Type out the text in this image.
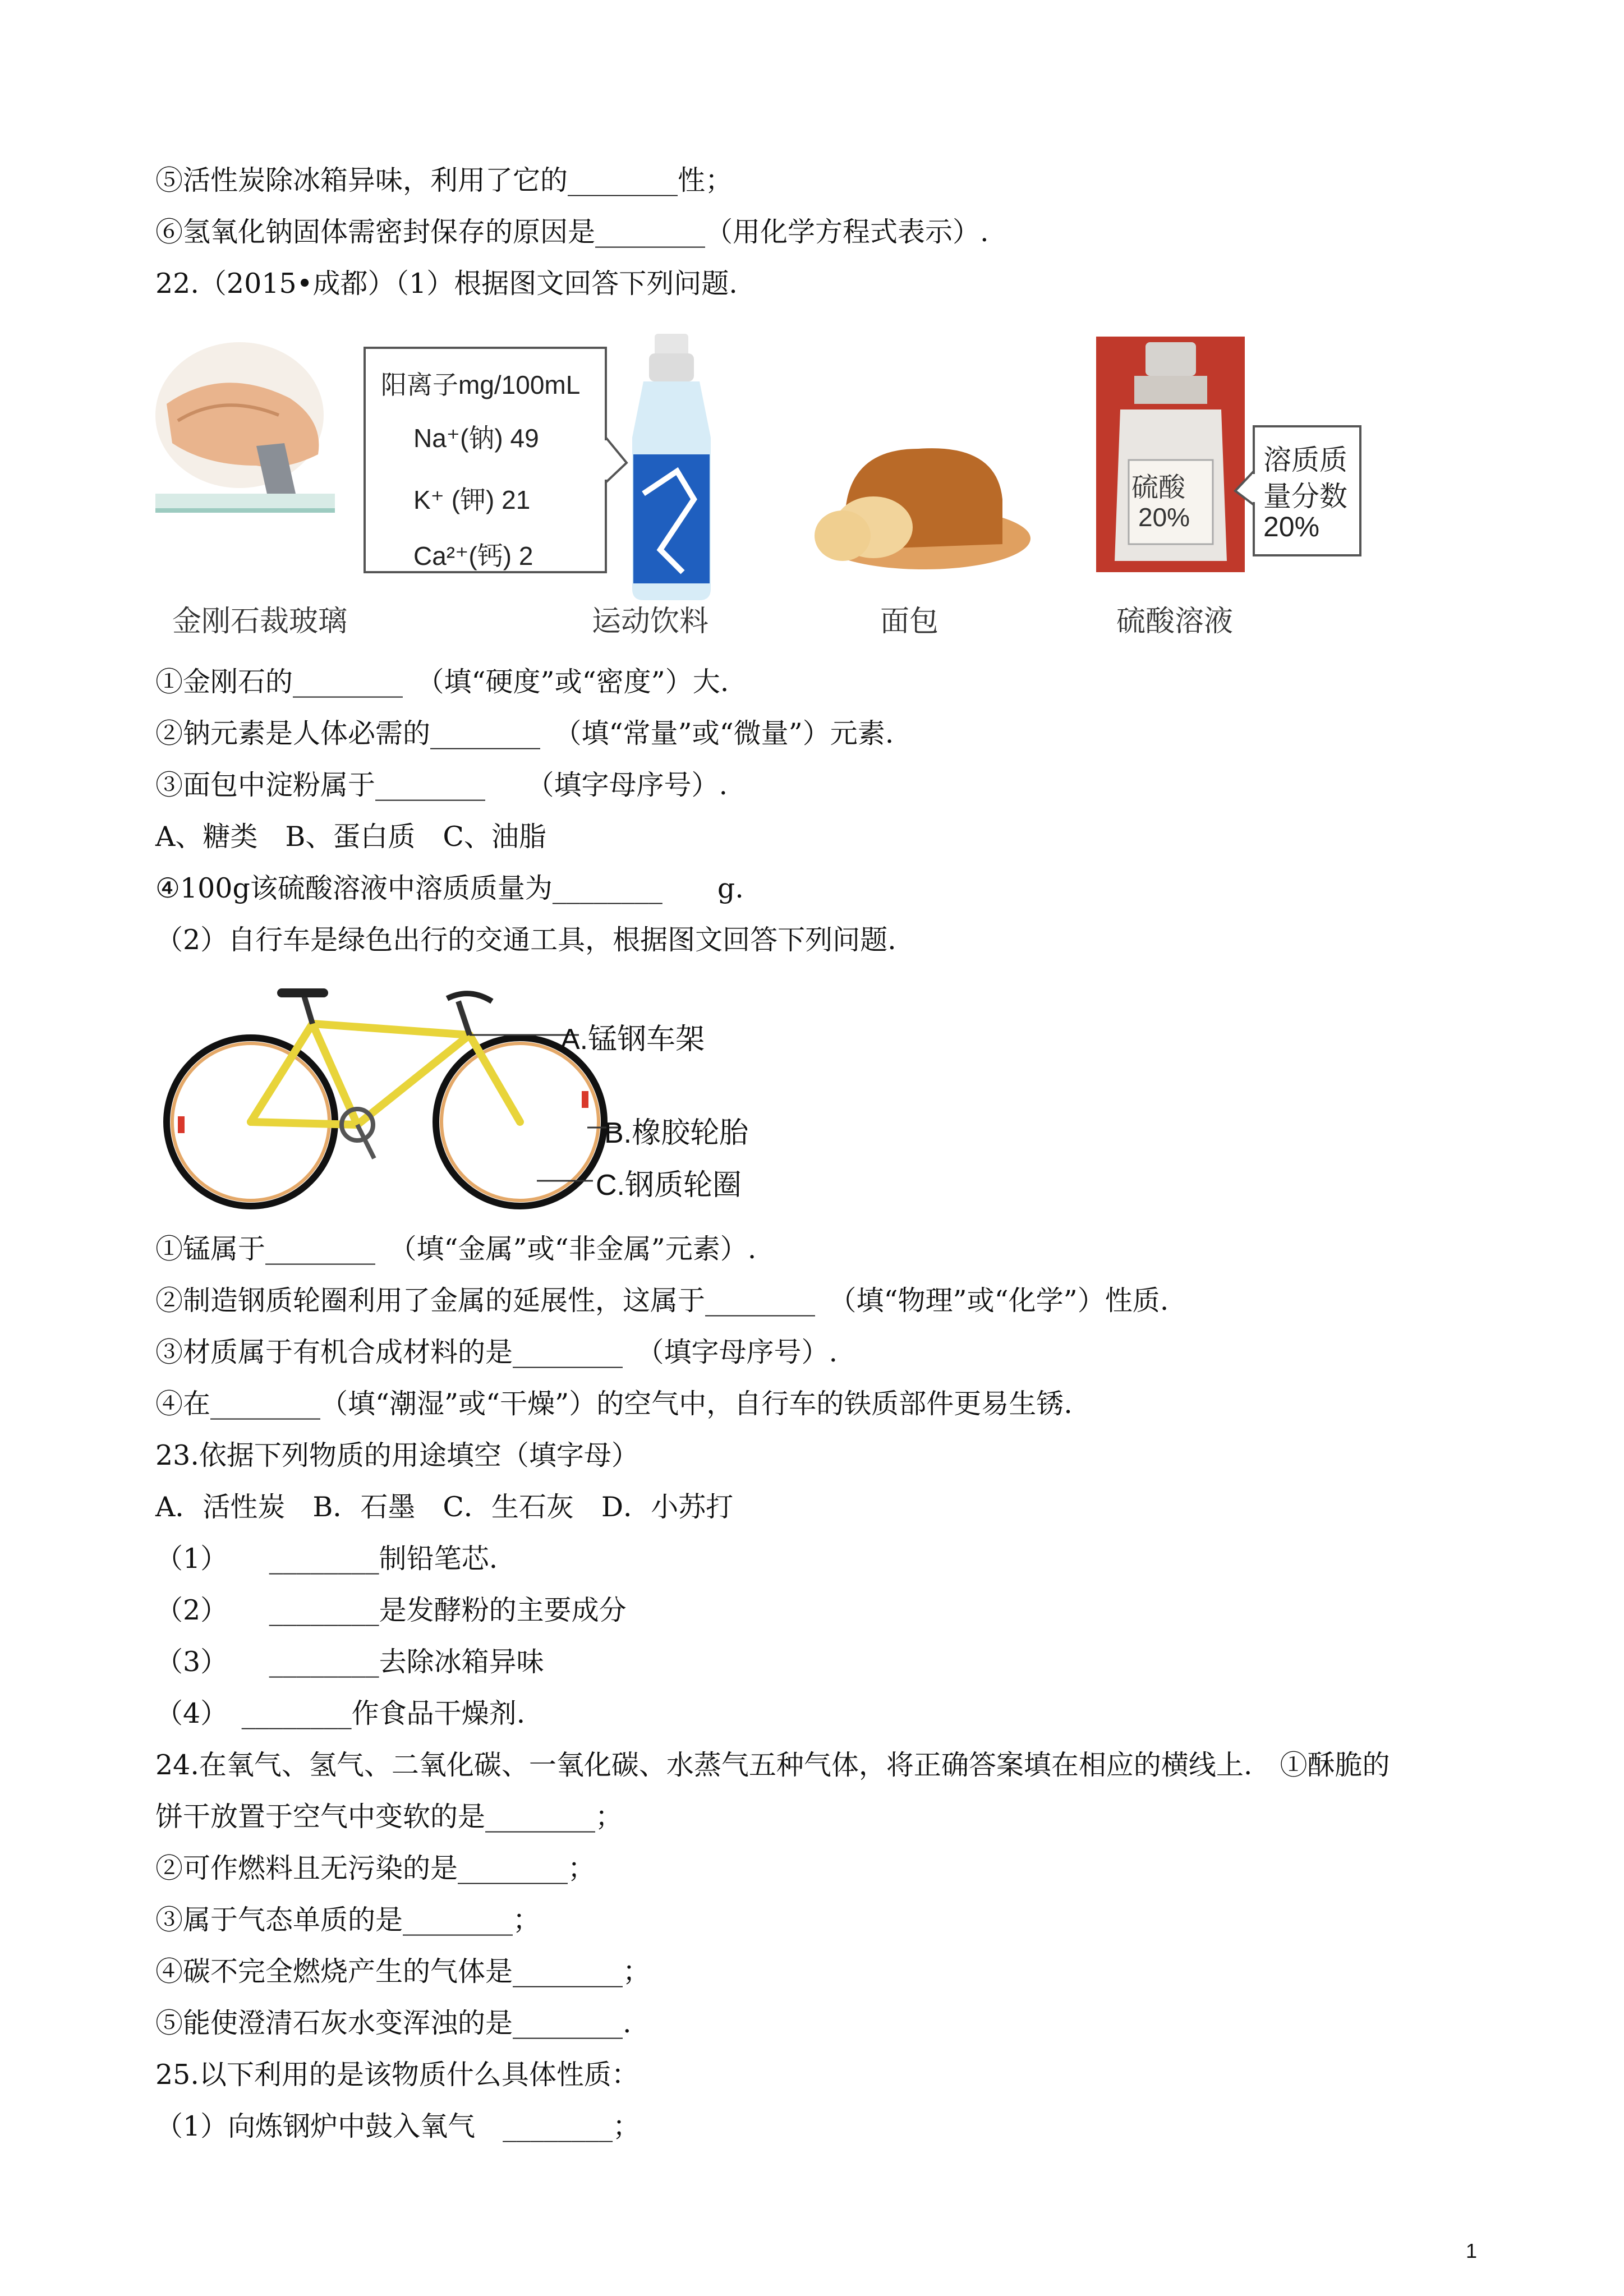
⑤活性炭除冰箱异味，利用了它的________性；
⑥氢氧化钠固体需密封保存的原因是________（用化学方程式表示）.
22.（2015•成都）（1）根据图文回答下列问题.
阳离子mg/100mL
Na⁺(钠) 49
K⁺ (钾) 21
Ca²⁺(钙) 2
硫酸
20%
溶质质
量分数
20%
金刚石裁玻璃	运动饮料	面包	硫酸溶液
①金刚石的________　（填“硬度”或“密度”）大.
②钠元素是人体必需的________　（填“常量”或“微量”）元素.
③面包中淀粉属于________　　（填字母序号）.
A、糖类　B、蛋白质　C、油脂
④100g该硫酸溶液中溶质质量为________　　g.
（2）自行车是绿色出行的交通工具，根据图文回答下列问题.
A.锰钢车架
B.橡胶轮胎
C.钢质轮圈
①锰属于________　（填“金属”或“非金属”元素）.
②制造钢质轮圈利用了金属的延展性，这属于________　（填“物理”或“化学”）性质.
③材质属于有机合成材料的是________　（填字母序号）.
④在________（填“潮湿”或“干燥”）的空气中，自行车的铁质部件更易生锈.
23.依据下列物质的用途填空（填字母）
A．活性炭　B．石墨　C．生石灰　D．小苏打
（1）　　________制铅笔芯.
（2）　　________是发酵粉的主要成分
（3）　　________去除冰箱异味
（4）　________作食品干燥剂.
24.在氧气、氢气、二氧化碳、一氧化碳、水蒸气五种气体，将正确答案填在相应的横线上.　①酥脆的
饼干放置于空气中变软的是________；
②可作燃料且无污染的是________；
③属于气态单质的是________；
④碳不完全燃烧产生的气体是________；
⑤能使澄清石灰水变浑浊的是________.
25.以下利用的是该物质什么具体性质：
（1）向炼钢炉中鼓入氧气　________；
1
